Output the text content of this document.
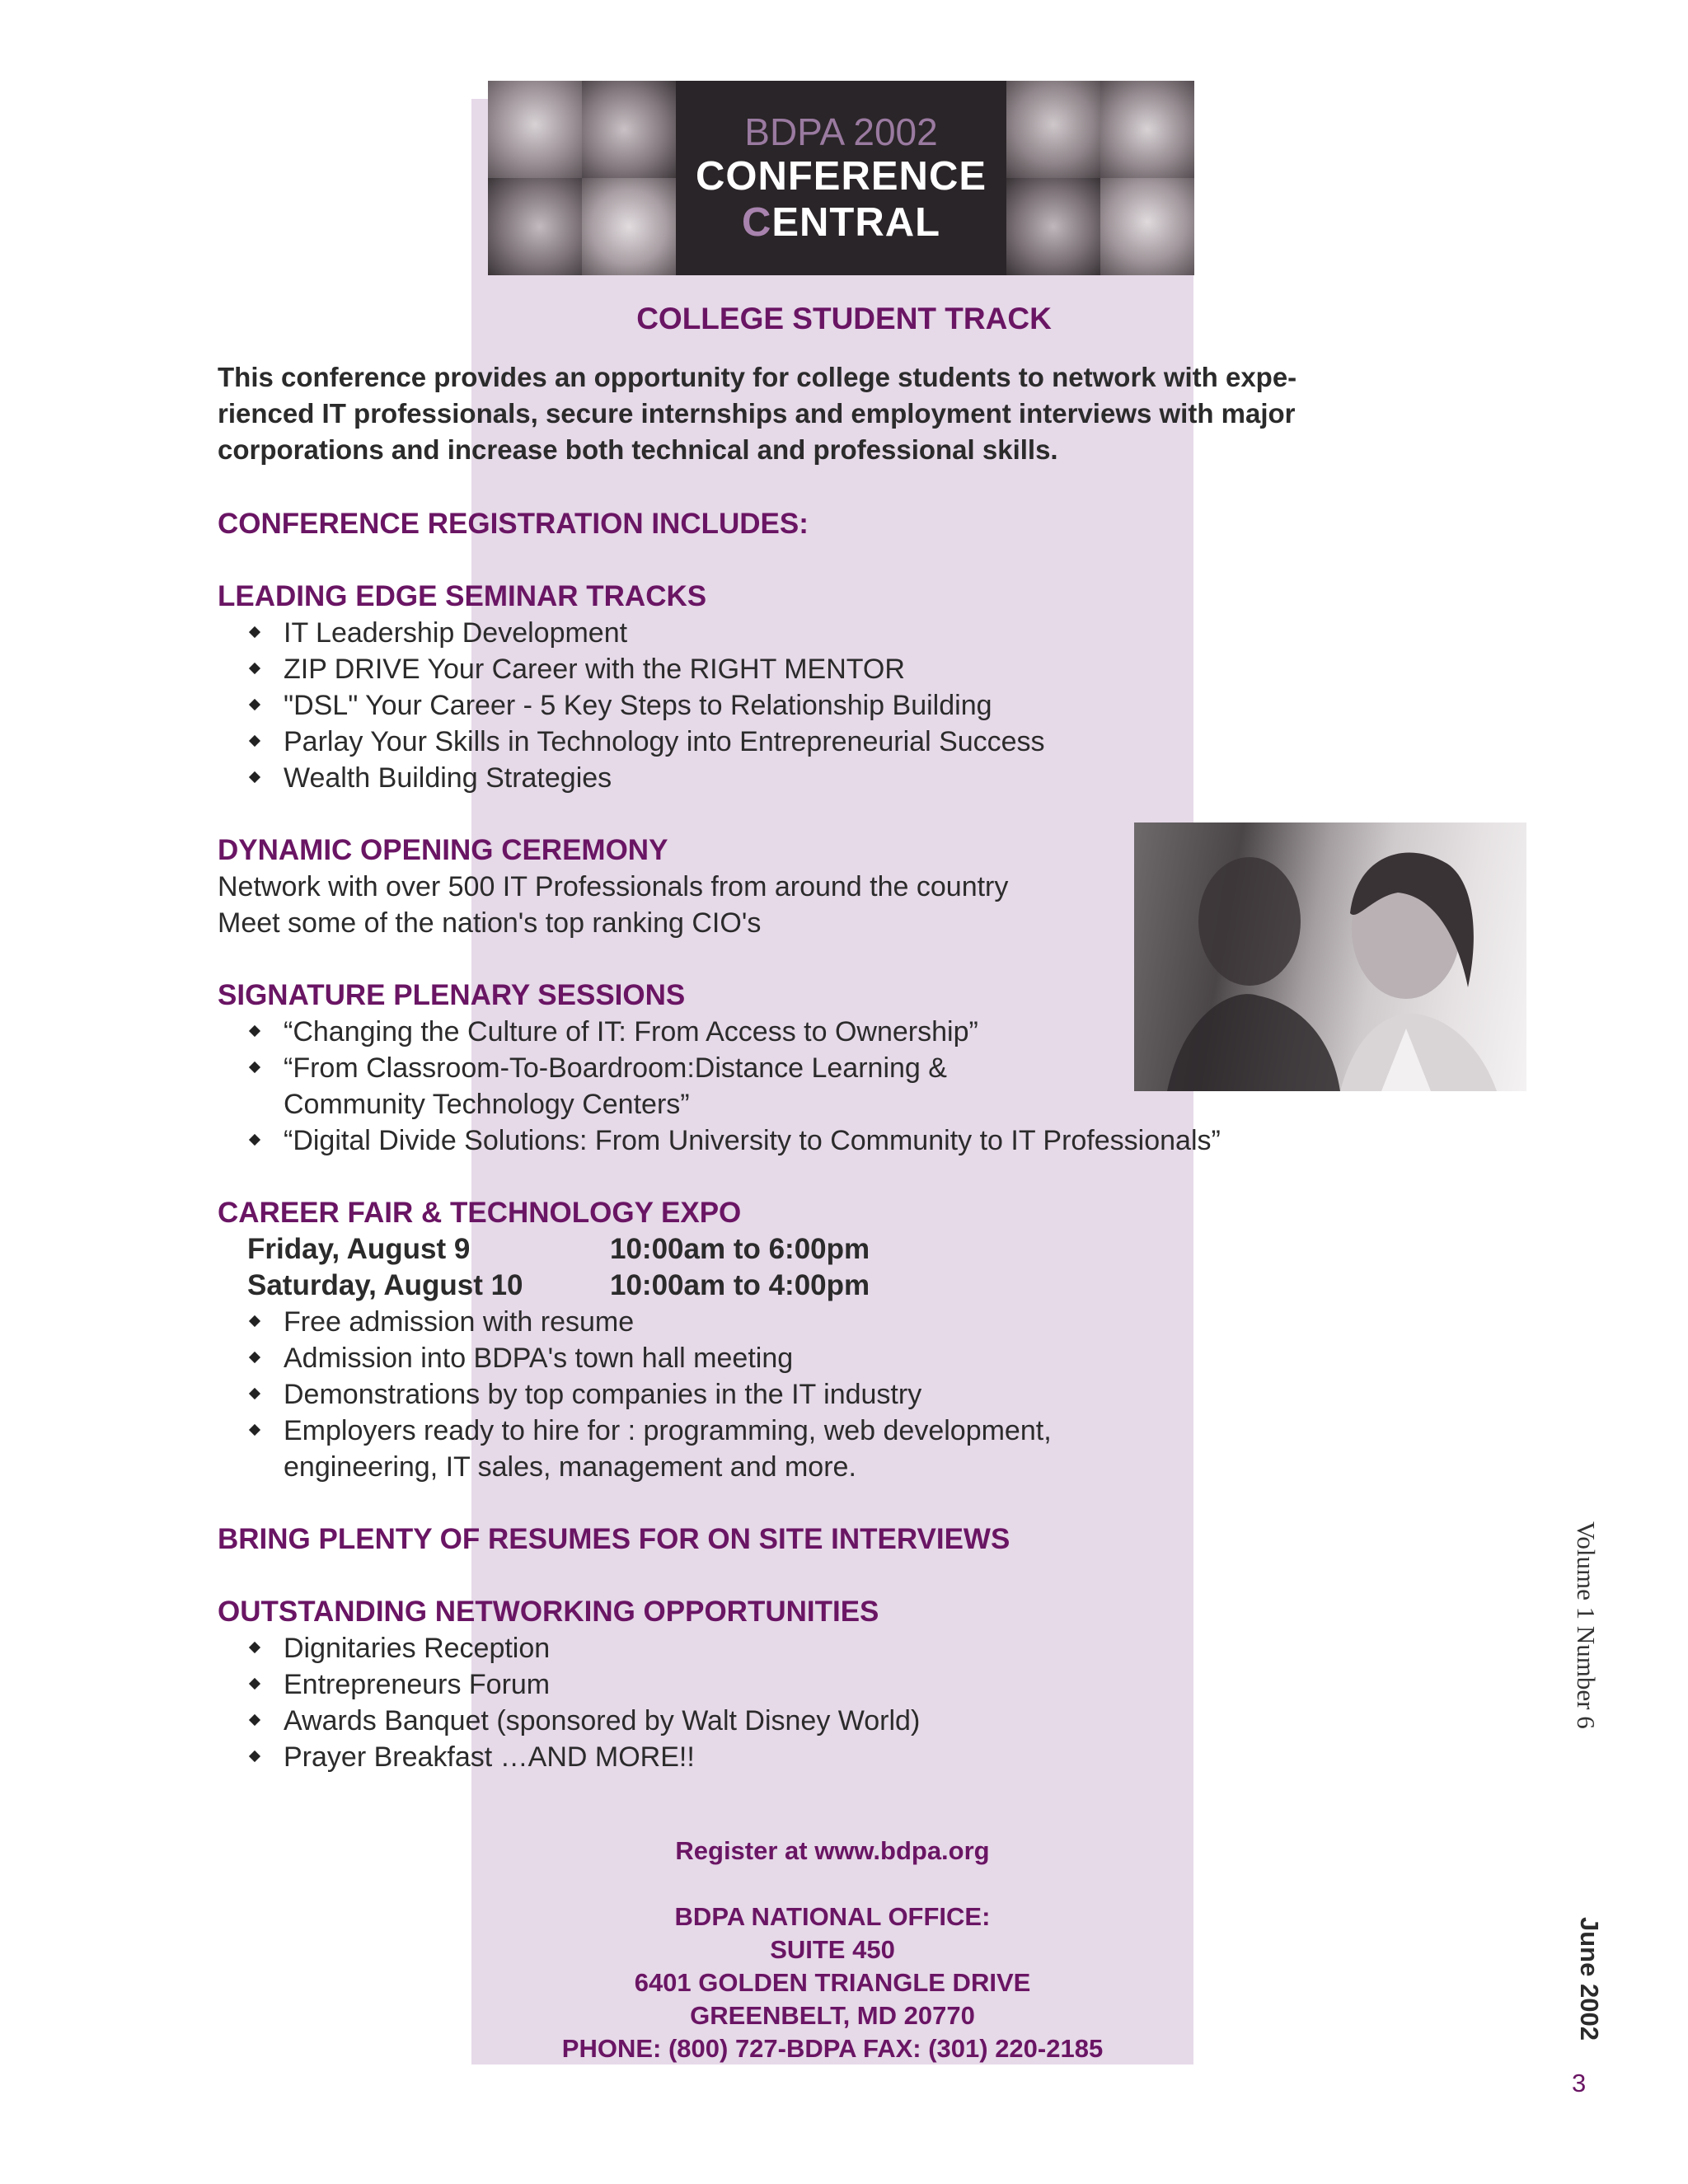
BDPA 2002
CONFERENCE
CENTRAL
COLLEGE STUDENT TRACK

This conference provides an opportunity for college students to network with expe-

rienced IT professionals, secure internships and employment interviews with major

corporations and increase both technical and professional skills.

CONFERENCE REGISTRATION INCLUDES:

LEADING EDGE SEMINAR TRACKS

IT Leadership Development
ZIP DRIVE Your Career with the RIGHT MENTOR
"DSL" Your Career - 5 Key Steps to Relationship Building
Parlay Your Skills in Technology into Entrepreneurial Success
Wealth Building Strategies

DYNAMIC OPENING CEREMONY

Network with over 500 IT Professionals from around the country

Meet some of the nation's top ranking CIO's

SIGNATURE PLENARY SESSIONS

“Changing the Culture of IT: From Access to Ownership”
“From Classroom-To-Boardroom:Distance Learning &
Community Technology Centers”
“Digital Divide Solutions: From University to Community to IT Professionals”

CAREER FAIR & TECHNOLOGY EXPO

Friday, August 9	10:00am to 6:00pm
Saturday, August 10	10:00am to 4:00pm
Free admission with resume
Admission into BDPA's town hall meeting
Demonstrations by top companies in the IT industry
Employers ready to hire for : programming, web development,
engineering, IT sales, management and more.

BRING PLENTY OF RESUMES FOR ON SITE INTERVIEWS

OUTSTANDING NETWORKING OPPORTUNITIES

Dignitaries Reception
Entrepreneurs Forum
Awards Banquet (sponsored by Walt Disney World)
Prayer Breakfast …AND MORE!!
Register at www.bdpa.org
BDPA NATIONAL OFFICE:
SUITE 450
6401 GOLDEN TRIANGLE DRIVE
GREENBELT, MD 20770
PHONE: (800) 727-BDPA FAX: (301) 220-2185
Volume 1 Number 6
June 2002
3
